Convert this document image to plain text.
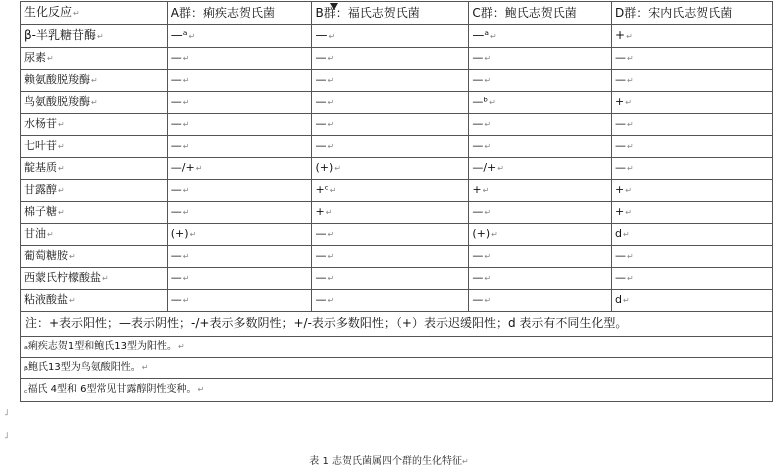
生化反应↵	A群：痢疾志贺氏菌	B群：福氏志贺氏菌	C群：鲍氏志贺氏菌	D群：宋内氏志贺氏菌
β-半乳糖苷酶↵	—ᵃ↵	—↵	—ᵃ↵	+↵
尿素↵	—↵	—↵	—↵	—↵
赖氨酸脱羧酶↵	—↵	—↵	—↵	—↵
鸟氨酸脱羧酶↵	—↵	—↵	—ᵇ↵	+↵
水杨苷↵	—↵	—↵	—↵	—↵
七叶苷↵	—↵	—↵	—↵	—↵
靛基质↵	—/+↵	(+)↵	—/+↵	—↵
甘露醇↵	—↵	+ᶜ↵	+↵	+↵
棉子糖↵	—↵	+↵	—↵	+↵
甘油↵	(+)↵	—↵	(+)↵	d↵
葡萄糖胺↵	—↵	—↵	—↵	—↵
西蒙氏柠檬酸盐↵	—↵	—↵	—↵	—↵
粘液酸盐↵	—↵	—↵	—↵	d↵
注：+表示阳性；—表示阴性；-/+表示多数阴性；+/-表示多数阳性；（+）表示迟缓阳性；d 表示有不同生化型。				
ₐ痢疾志贺1型和鲍氏13型为阳性。↵				
ᵦ鲍氏13型为鸟氨酸阳性。↵				
꜀福氏 4型和 6型常见甘露醇阴性变种。↵				
˩
˩
表 1 志贺氏菌属四个群的生化特征↵
